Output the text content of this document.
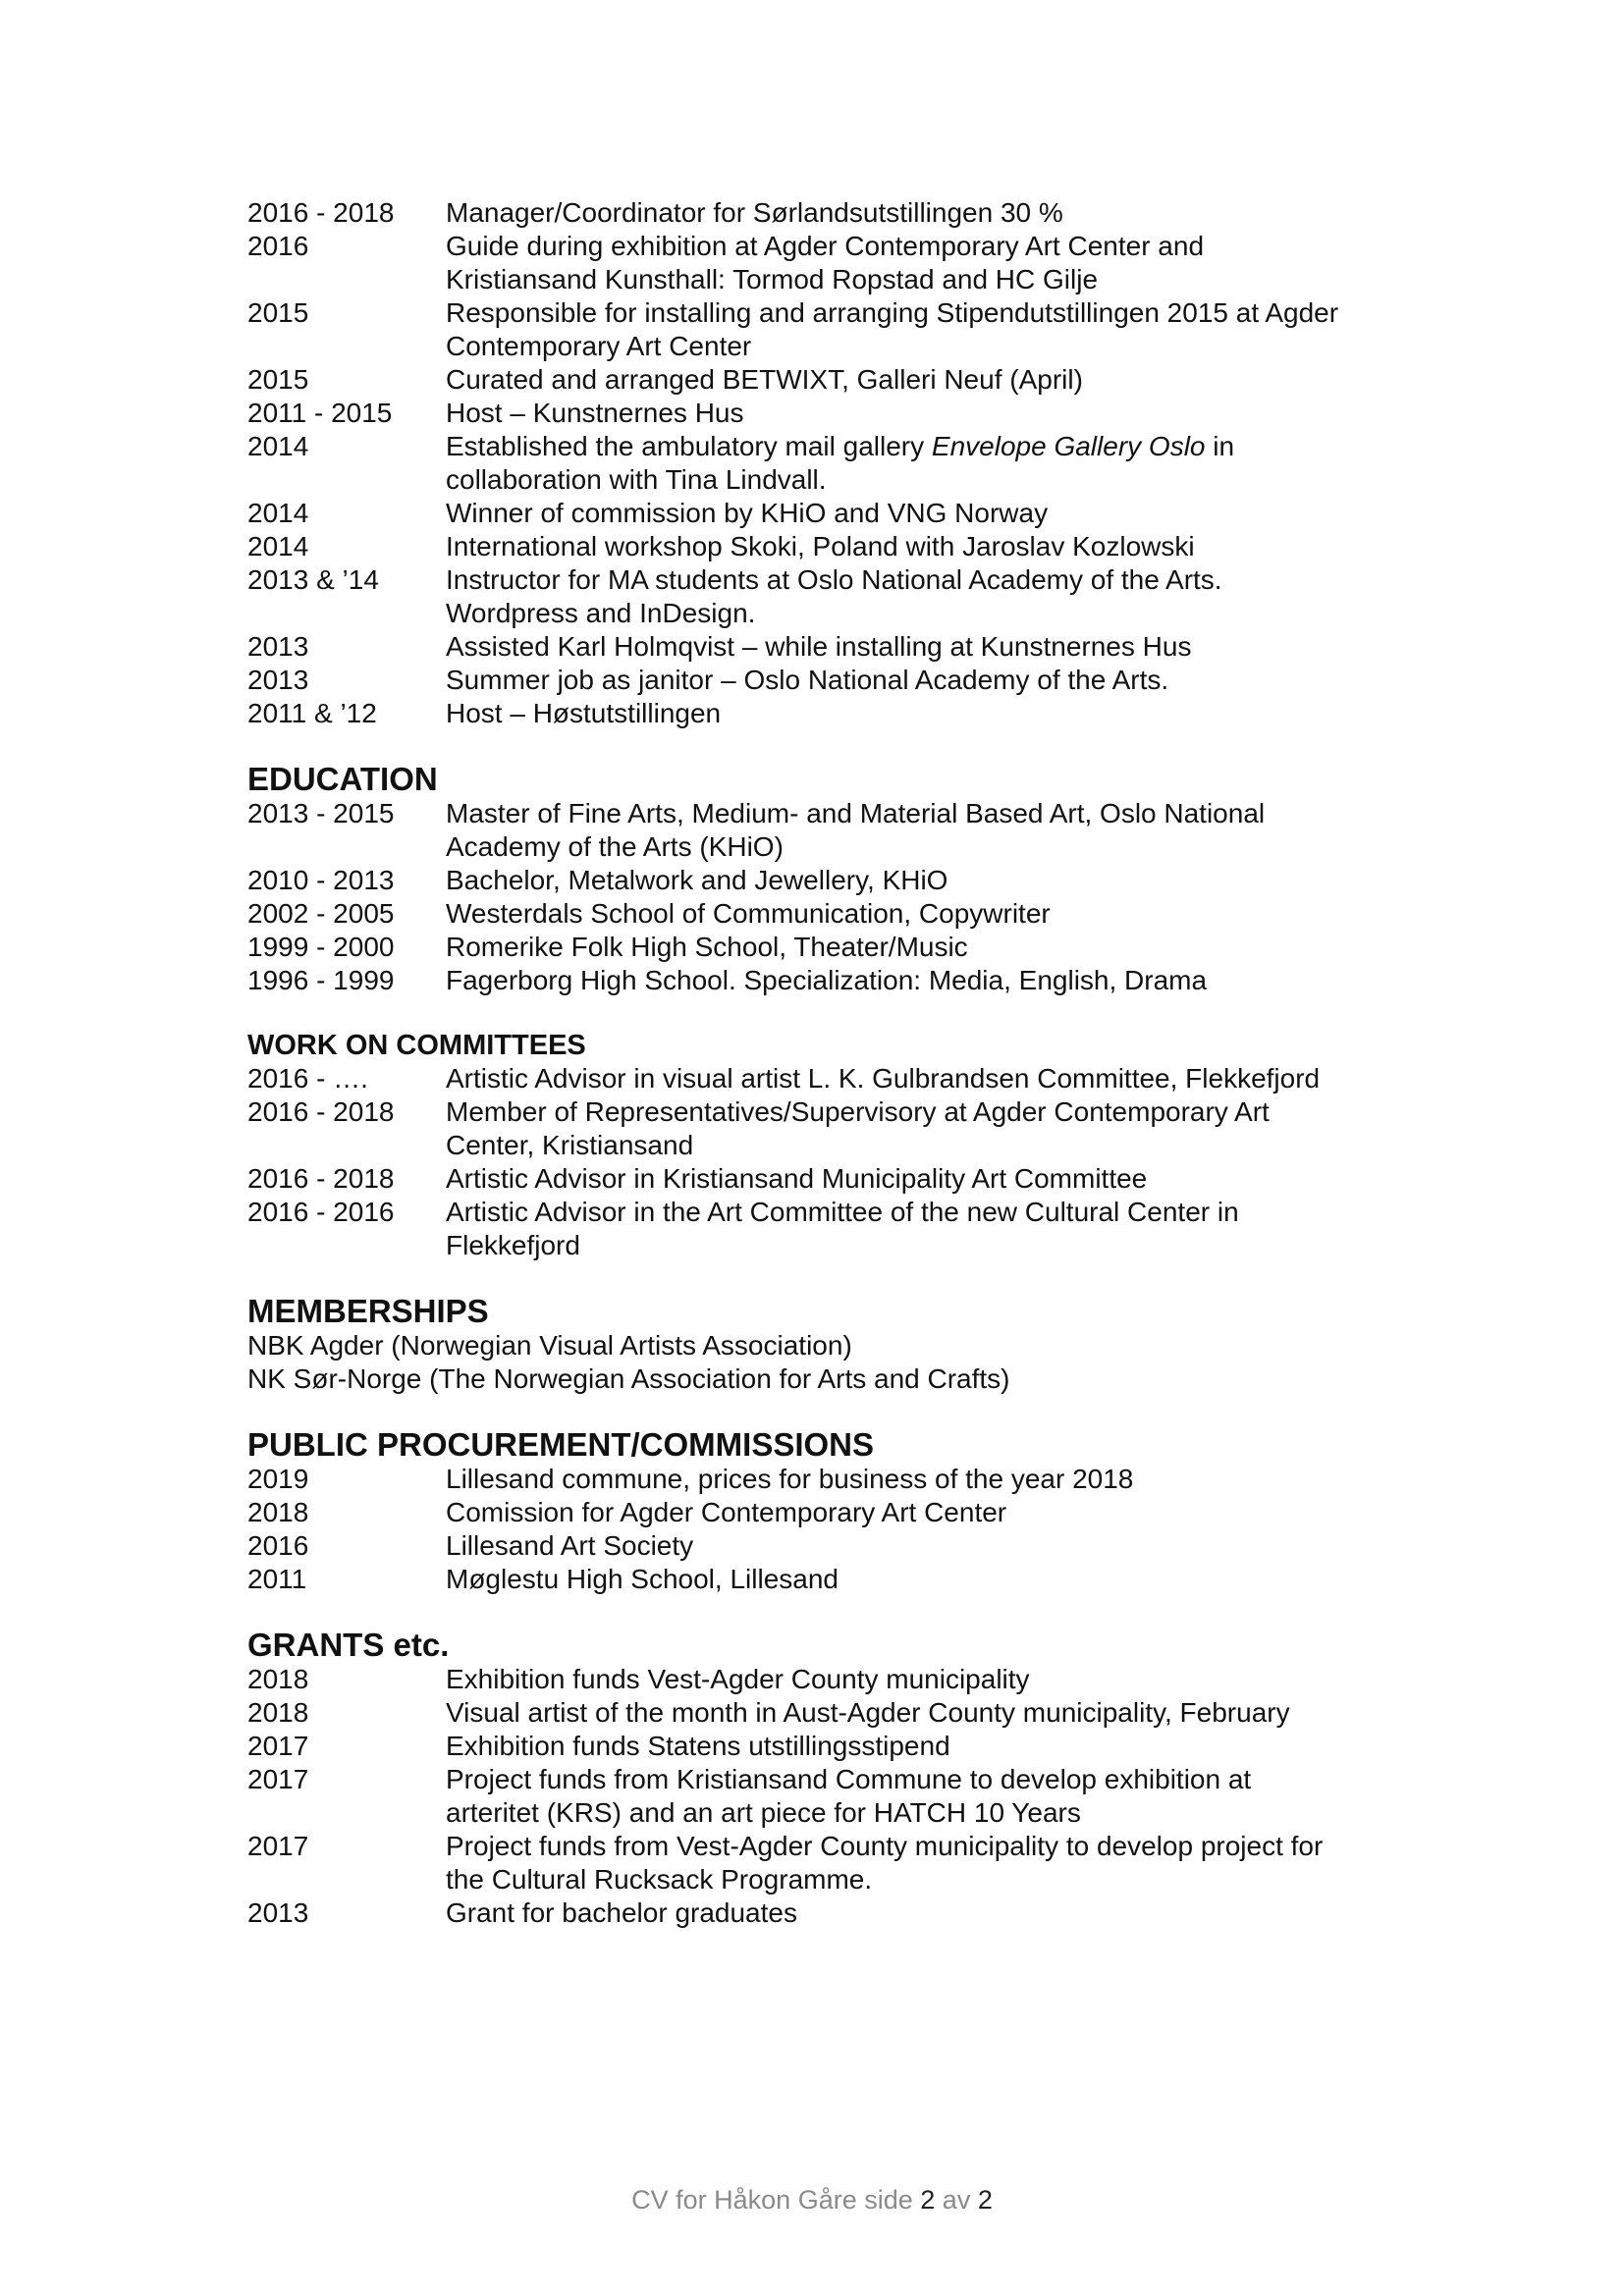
2016 - 2018	Manager/Coordinator for Sørlandsutstillingen 30 %
2016	Guide during exhibition at Agder Contemporary Art Center and
Kristiansand Kunsthall: Tormod Ropstad and HC Gilje
2015	Responsible for installing and arranging Stipendutstillingen 2015 at Agder
Contemporary Art Center
2015	Curated and arranged BETWIXT, Galleri Neuf (April)
2011 - 2015	Host – Kunstnernes Hus
2014	Established the ambulatory mail gallery Envelope Gallery Oslo in
collaboration with Tina Lindvall.
2014	Winner of commission by KHiO and VNG Norway
2014	International workshop Skoki, Poland with Jaroslav Kozlowski
2013 & ’14	Instructor for MA students at Oslo National Academy of the Arts.
Wordpress and InDesign.
2013	Assisted Karl Holmqvist – while installing at Kunstnernes Hus
2013	Summer job as janitor – Oslo National Academy of the Arts.
2011 & ’12	Host – Høstutstillingen
EDUCATION
2013 - 2015	Master of Fine Arts, Medium- and Material Based Art, Oslo National
Academy of the Arts (KHiO)
2010 - 2013	Bachelor, Metalwork and Jewellery, KHiO
2002 - 2005	Westerdals School of Communication, Copywriter
1999 - 2000	Romerike Folk High School, Theater/Music
1996 - 1999	Fagerborg High School. Specialization: Media, English, Drama
WORK ON COMMITTEES
2016 - ….	Artistic Advisor in visual artist L. K. Gulbrandsen Committee, Flekkefjord
2016 - 2018	Member of Representatives/Supervisory at Agder Contemporary Art
Center, Kristiansand
2016 - 2018	Artistic Advisor in Kristiansand Municipality Art Committee
2016 - 2016	Artistic Advisor in the Art Committee of the new Cultural Center in
Flekkefjord
MEMBERSHIPS
NBK Agder (Norwegian Visual Artists Association)
NK Sør-Norge (The Norwegian Association for Arts and Crafts)
PUBLIC PROCUREMENT/COMMISSIONS
2019	Lillesand commune, prices for business of the year 2018
2018	Comission for Agder Contemporary Art Center
2016	Lillesand Art Society
2011	Møglestu High School, Lillesand
GRANTS etc.
2018	Exhibition funds Vest-Agder County municipality
2018	Visual artist of the month in Aust-Agder County municipality, February
2017	Exhibition funds Statens utstillingsstipend
2017	Project funds from Kristiansand Commune to develop exhibition at
arteritet (KRS) and an art piece for HATCH 10 Years
2017	Project funds from Vest-Agder County municipality to develop project for
the Cultural Rucksack Programme.
2013	Grant for bachelor graduates
CV for Håkon Gåre side 2 av 2
